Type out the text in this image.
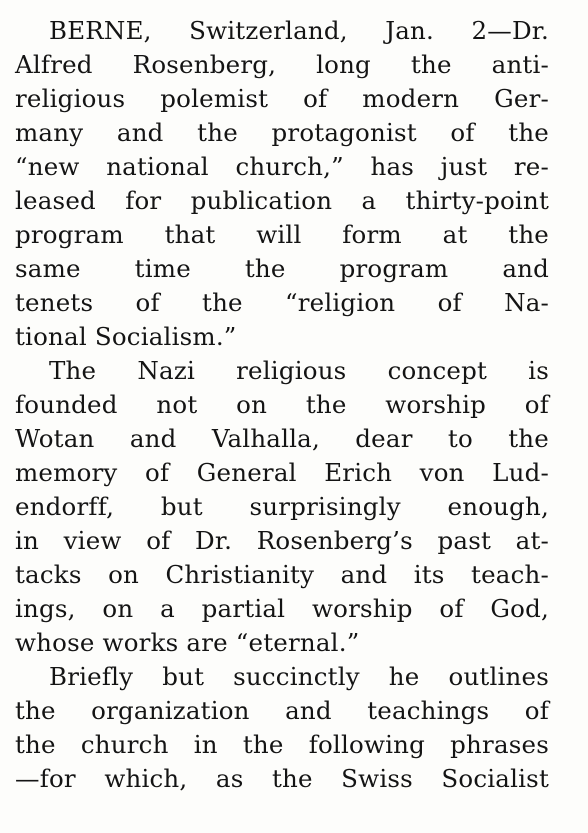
BERNE, Switzerland, Jan. 2—Dr.
Alfred Rosenberg, long the anti-
religious polemist of modern Ger-
many and the protagonist of the
“new national church,” has just re-
leased for publication a thirty-point
program that will form at the
same time the program and
tenets of the “religion of Na-
tional Socialism.”
The Nazi religious concept is
founded not on the worship of
Wotan and Valhalla, dear to the
memory of General Erich von Lud-
endorff, but surprisingly enough,
in view of Dr. Rosenberg’s past at-
tacks on Christianity and its teach-
ings, on a partial worship of God,
whose works are “eternal.”
Briefly but succinctly he outlines
the organization and teachings of
the church in the following phrases
—for which, as the Swiss Socialist
